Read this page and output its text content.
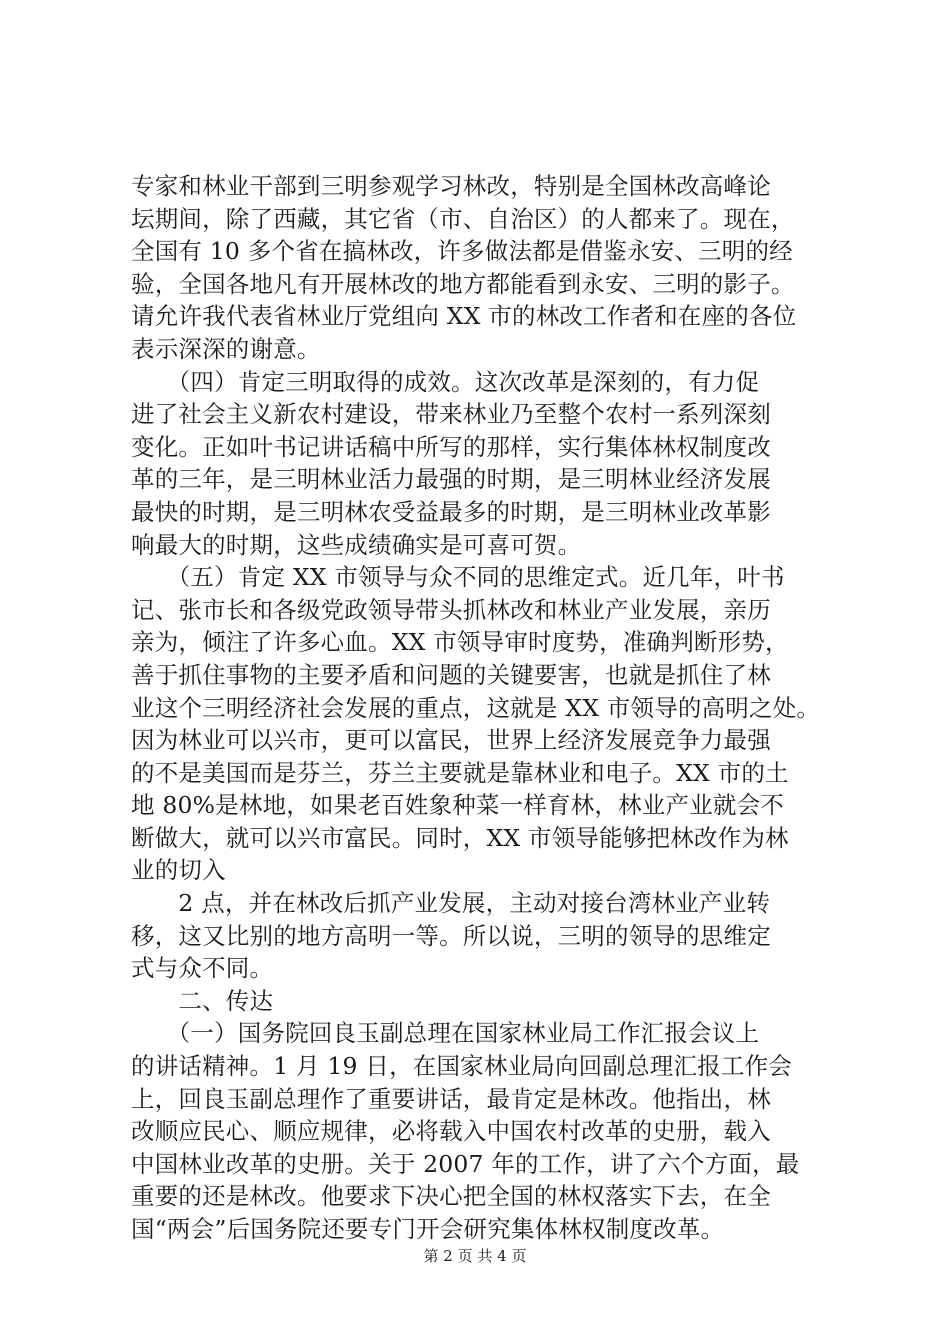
专家和林业干部到三明参观学习林改，特别是全国林改高峰论
坛期间，除了西藏，其它省（市、自治区）的人都来了。现在，
全国有 10 多个省在搞林改，许多做法都是借鉴永安、三明的经
验，全国各地凡有开展林改的地方都能看到永安、三明的影子。
请允许我代表省林业厅党组向 XX 市的林改工作者和在座的各位
表示深深的谢意。
　　（四）肯定三明取得的成效。这次改革是深刻的，有力促
进了社会主义新农村建设，带来林业乃至整个农村一系列深刻
变化。正如叶书记讲话稿中所写的那样，实行集体林权制度改
革的三年，是三明林业活力最强的时期，是三明林业经济发展
最快的时期，是三明林农受益最多的时期，是三明林业改革影
响最大的时期，这些成绩确实是可喜可贺。
　　（五）肯定 XX 市领导与众不同的思维定式。近几年，叶书
记、张市长和各级党政领导带头抓林改和林业产业发展，亲历
亲为，倾注了许多心血。XX 市领导审时度势，准确判断形势，
善于抓住事物的主要矛盾和问题的关键要害，也就是抓住了林
业这个三明经济社会发展的重点，这就是 XX 市领导的高明之处。
因为林业可以兴市，更可以富民，世界上经济发展竞争力最强
的不是美国而是芬兰，芬兰主要就是靠林业和电子。XX 市的土
地 80%是林地，如果老百姓象种菜一样育林，林业产业就会不
断做大，就可以兴市富民。同时，XX 市领导能够把林改作为林
业的切入
　　2 点，并在林改后抓产业发展，主动对接台湾林业产业转
移，这又比别的地方高明一等。所以说，三明的领导的思维定
式与众不同。
　　二、传达
　　（一）国务院回良玉副总理在国家林业局工作汇报会议上
的讲话精神。1 月 19 日，在国家林业局向回副总理汇报工作会
上，回良玉副总理作了重要讲话，最肯定是林改。他指出，林
改顺应民心、顺应规律，必将载入中国农村改革的史册，载入
中国林业改革的史册。关于 2007 年的工作，讲了六个方面，最
重要的还是林改。他要求下决心把全国的林权落实下去，在全
国“两会”后国务院还要专门开会研究集体林权制度改革。
第 2 页 共 4 页
